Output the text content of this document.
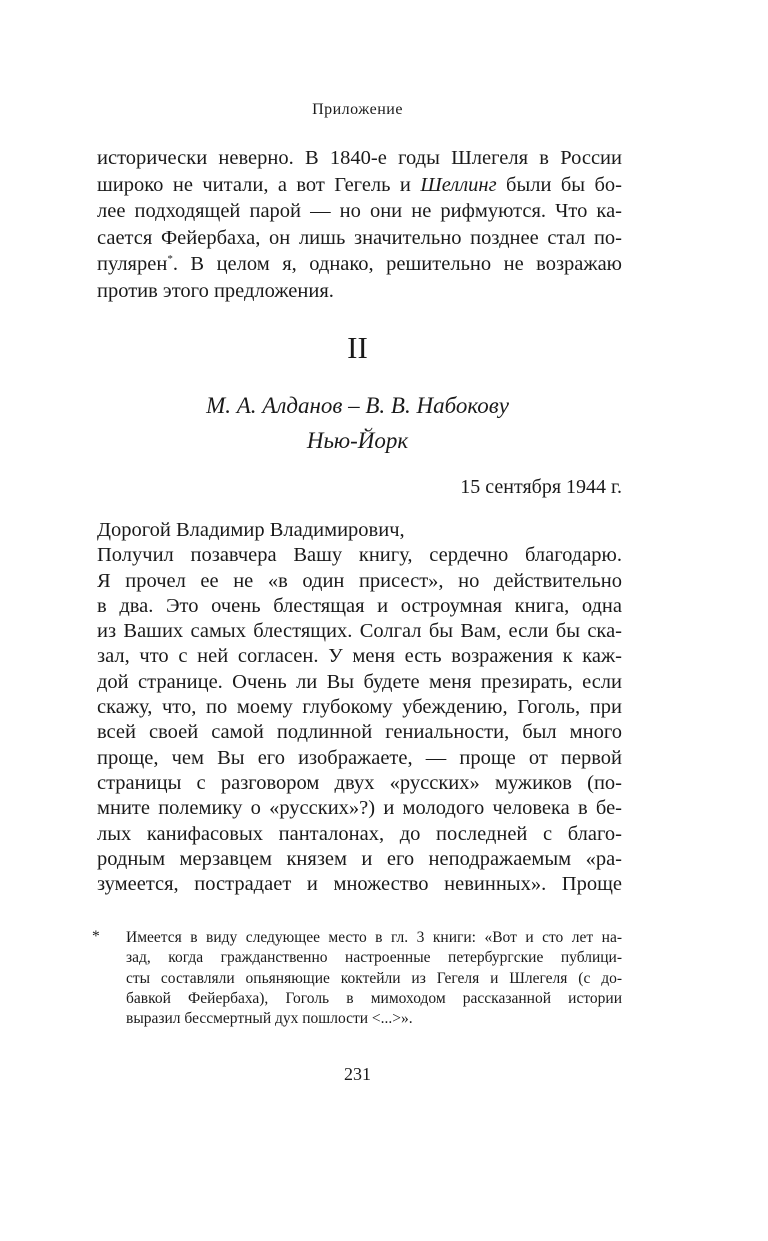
Приложение
исторически неверно. В 1840-е годы Шлегеля в России
широко не читали, а вот Гегель и Шеллинг были бы бо-
лее подходящей парой — но они не рифмуются. Что ка-
сается Фейербаха, он лишь значительно позднее стал по-
пулярен*. В целом я, однако, решительно не возражаю
против этого предложения.
II
М. А. Алданов – В. В. Набокову
Нью-Йорк
15 сентября 1944 г.
Дорогой Владимир Владимирович,
Получил позавчера Вашу книгу, сердечно благодарю.
Я прочел ее не «в один присест», но действительно
в два. Это очень блестящая и остроумная книга, одна
из Ваших самых блестящих. Солгал бы Вам, если бы ска-
зал, что с ней согласен. У меня есть возражения к каж-
дой странице. Очень ли Вы будете меня презирать, если
скажу, что, по моему глубокому убеждению, Гоголь, при
всей своей самой подлинной гениальности, был много
проще, чем Вы его изображаете, — проще от первой
страницы с разговором двух «русских» мужиков (по-
мните полемику о «русских»?) и молодого человека в бе-
лых канифасовых панталонах, до последней с благо-
родным мерзавцем князем и его неподражаемым «ра-
зумеется, пострадает и множество невинных». Проще
* Имеется в виду следующее место в гл. 3 книги: «Вот и сто лет на-
зад, когда гражданственно настроенные петербургские публици-
сты составляли опьяняющие коктейли из Гегеля и Шлегеля (с до-
бавкой Фейербаха), Гоголь в мимоходом рассказанной истории
выразил бессмертный дух пошлости <...>».
231
